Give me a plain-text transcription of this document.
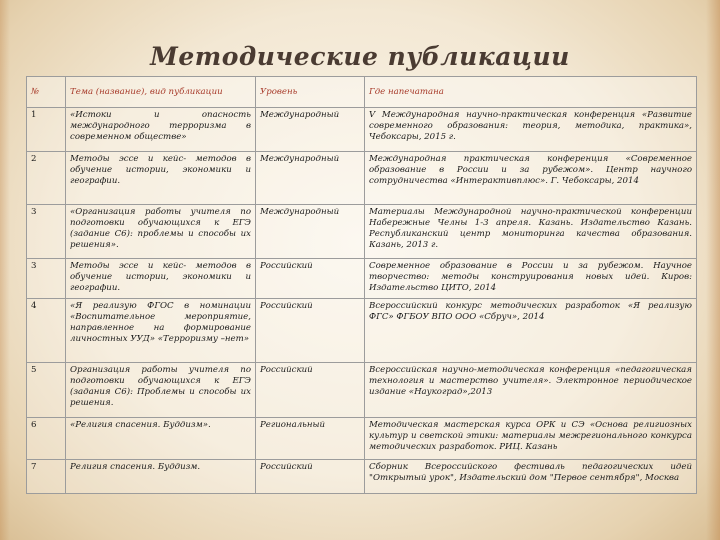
Методические публикации
№	Тема (название), вид публикации	Уровень	Где напечатана
1	«Истоки и опасность международного терроризма в современном обществе»	Международный	V Международная научно-практическая конференция «Развитие современного образования: теория, методика, практика», Чебоксары, 2015 г.
2	Методы эссе и кейс- методов в обучение истории, экономики и географии.	Международный	Международная практическая конференция «Современное образование в России и за рубежом». Центр научного сотрудничества «Интерактивплюс». Г. Чебоксары, 2014
3	«Организация работы учителя по подготовки обучающихся к ЕГЭ (задание С6): проблемы и способы их решения».	Международный	Материалы Международной научно-практической конференции Набережные Челны 1-3 апреля. Казань. Издательство Казань. Республиканский центр мониторинга качества образования. Казань, 2013 г.
3	Методы эссе и кейс- методов в обучение истории, экономики и географии.	Российский	Современное образование в России и за рубежом. Научное творчество: методы конструирования новых идей. Киров: Издательство ЦИТО, 2014
4	«Я реализую ФГОС в номинации «Воспитательное мероприятие, направленное на формирование личностных УУД» «Терроризму –нет»	Российский	Всероссийский конкурс методических разработок «Я реализую ФГС» ФГБОУ ВПО ООО «Сбруч», 2014
5	Организация работы учителя по подготовки обучающихся к ЕГЭ (задания С6): Проблемы и способы их решения.	Российский	Всероссийская научно-методическая конференция «педагогическая технология и мастерство учителя». Электронное периодическое издание «Наукоград»,2013
6	«Религия спасения. Буддизм».	Региональный	Методическая мастерская курса ОРК и СЭ «Основа религиозных культур и светской этики: материалы межрегионального конкурса методических разработок. РИЦ. Казань
7	Религия спасения. Буддизм.	Российский	Сборник Всероссийского фестиваль педагогических идей "Открытый урок", Издательский дом "Первое сентября", Москва
